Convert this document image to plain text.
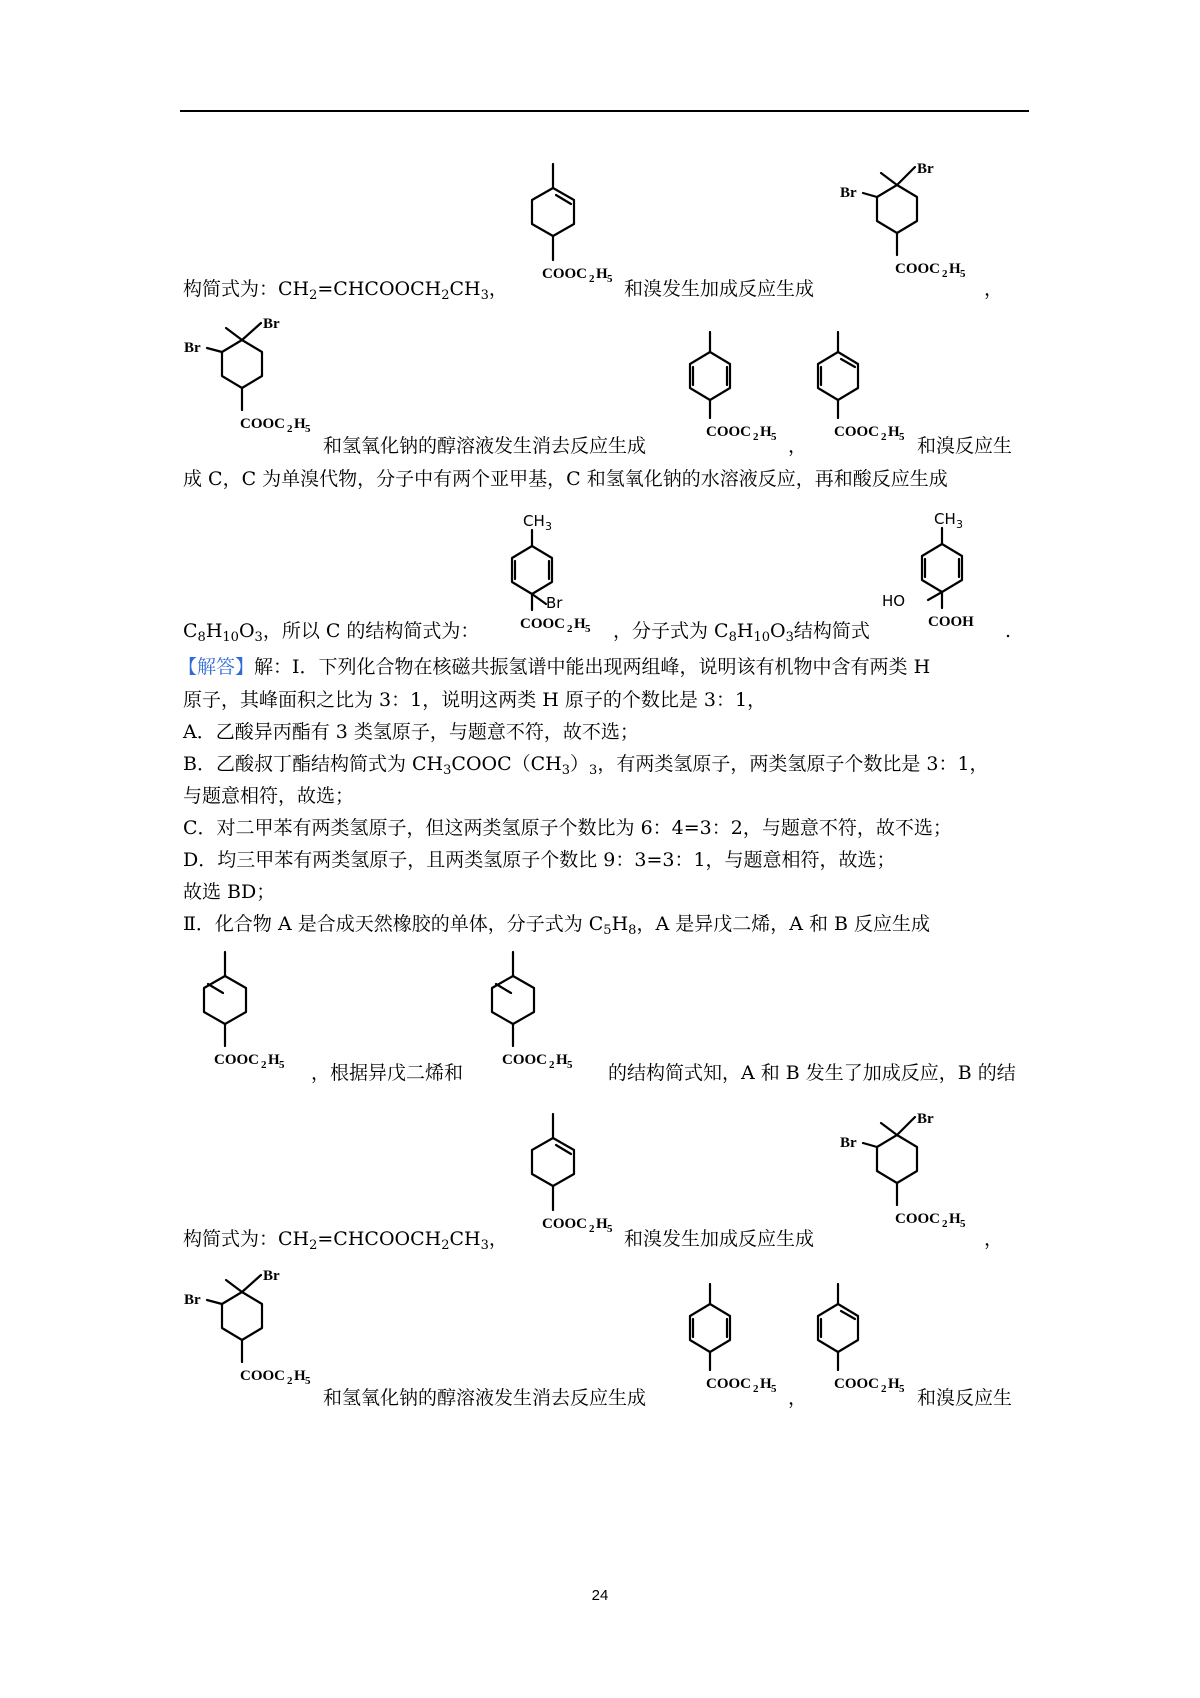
COOC 2 H 5
Br
Br
COOC 2 H 5
构简式为：$CH_2=CHCOOCH_2CH_3$，	和溴发生加成反应生成	，
Br
Br
COOC 2 H 5	COOC 2 H 5	COOC 2 H 5
和氢氧化钠的醇溶液发生消去反应生成	，	和溴反应生
成 C，C 为单溴代物，分子中有两个亚甲基，C 和氢氧化钠的水溶液反应，再和酸反应生成
CH 3
Br
COOC 2 H 5
CH 3
HO
COOH
$C_8H_{10}O_3$，所以 C 的结构简式为：	，分子式为 $C_8H_{10}O_3$结构简式	.
【解答】解：Ⅰ．下列化合物在核磁共振氢谱中能出现两组峰，说明该有机物中含有两类 H
原子，其峰面积之比为 3：1，说明这两类 H 原子的个数比是 3：1，
A．乙酸异丙酯有 3 类氢原子，与题意不符，故不选；
B．乙酸叔丁酯结构简式为 $CH_3COOC(CH_3)_3$，有两类氢原子，两类氢原子个数比是 3：1，
与题意相符，故选；
C．对二甲苯有两类氢原子，但这两类氢原子个数比为 6：4=3：2，与题意不符，故不选；
D．均三甲苯有两类氢原子，且两类氢原子个数比 9：3=3：1，与题意相符，故选；
故选 BD；
Ⅱ．化合物 A 是合成天然橡胶的单体，分子式为 $C_5H_8$，A 是异戊二烯，A 和 B 反应生成
COOC 2 H 5	COOC 2 H 5
，根据异戊二烯和	的结构简式知，A 和 B 发生了加成反应，B 的结
COOC 2 H 5
Br
Br
COOC 2 H 5
构简式为：$CH_2=CHCOOCH_2CH_3$，	和溴发生加成反应生成	，
Br
Br
COOC 2 H 5	COOC 2 H 5	COOC 2 H 5
和氢氧化钠的醇溶液发生消去反应生成	，	和溴反应生
24
